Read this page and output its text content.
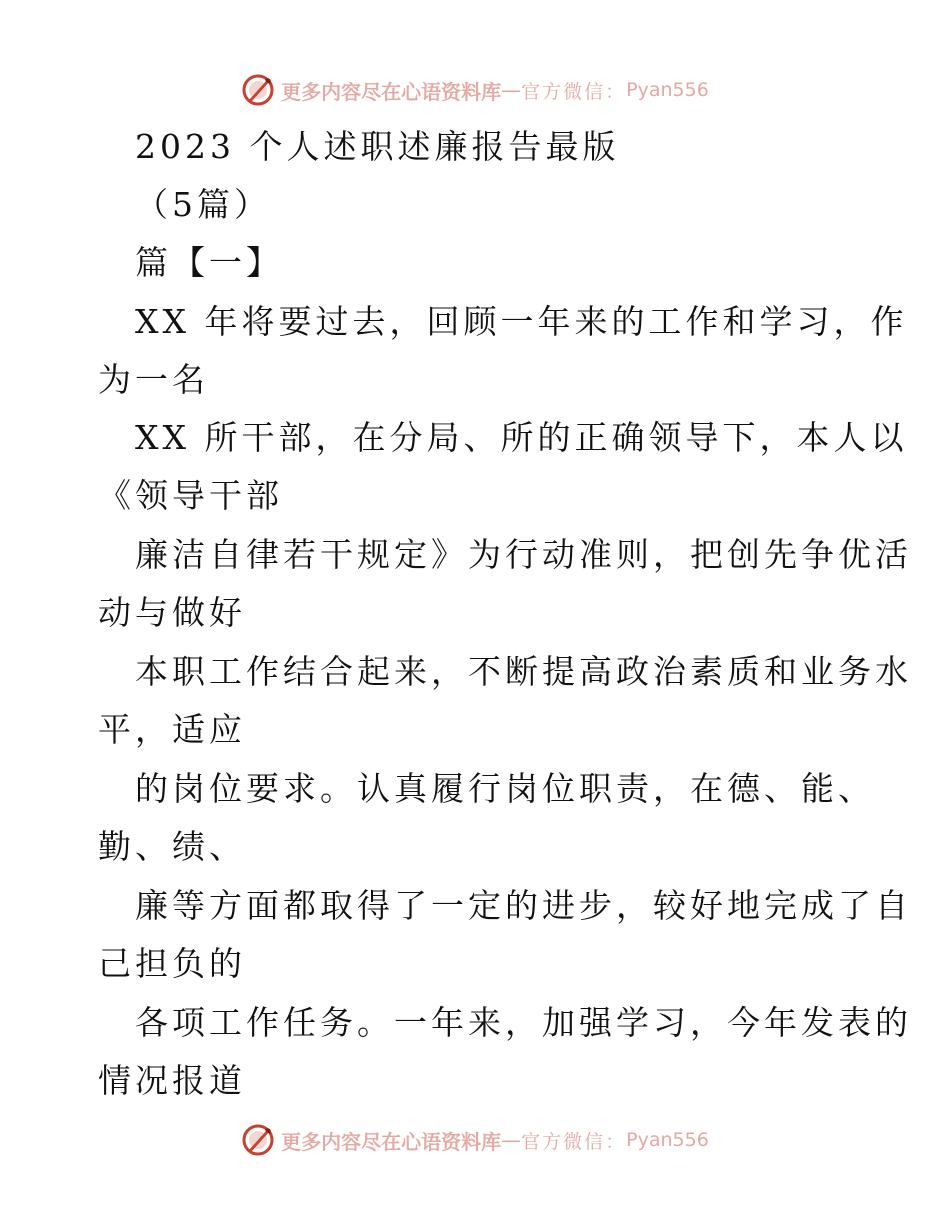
更多内容尽在心语资料库 — 官方微信： Pyan556
2023 个人述职述廉报告最版
（5篇）
篇【一】
XX 年将要过去，回顾一年来的工作和学习，作
为一名
XX 所干部，在分局、所的正确领导下，本人以
《领导干部
廉洁自律若干规定》为行动准则，把创先争优活
动与做好
本职工作结合起来，不断提高政治素质和业务水
平，适应
的岗位要求。认真履行岗位职责，在德、能、
勤、绩、
廉等方面都取得了一定的进步，较好地完成了自
己担负的
各项工作任务。一年来，加强学习，今年发表的
情况报道
更多内容尽在心语资料库 — 官方微信： Pyan556
